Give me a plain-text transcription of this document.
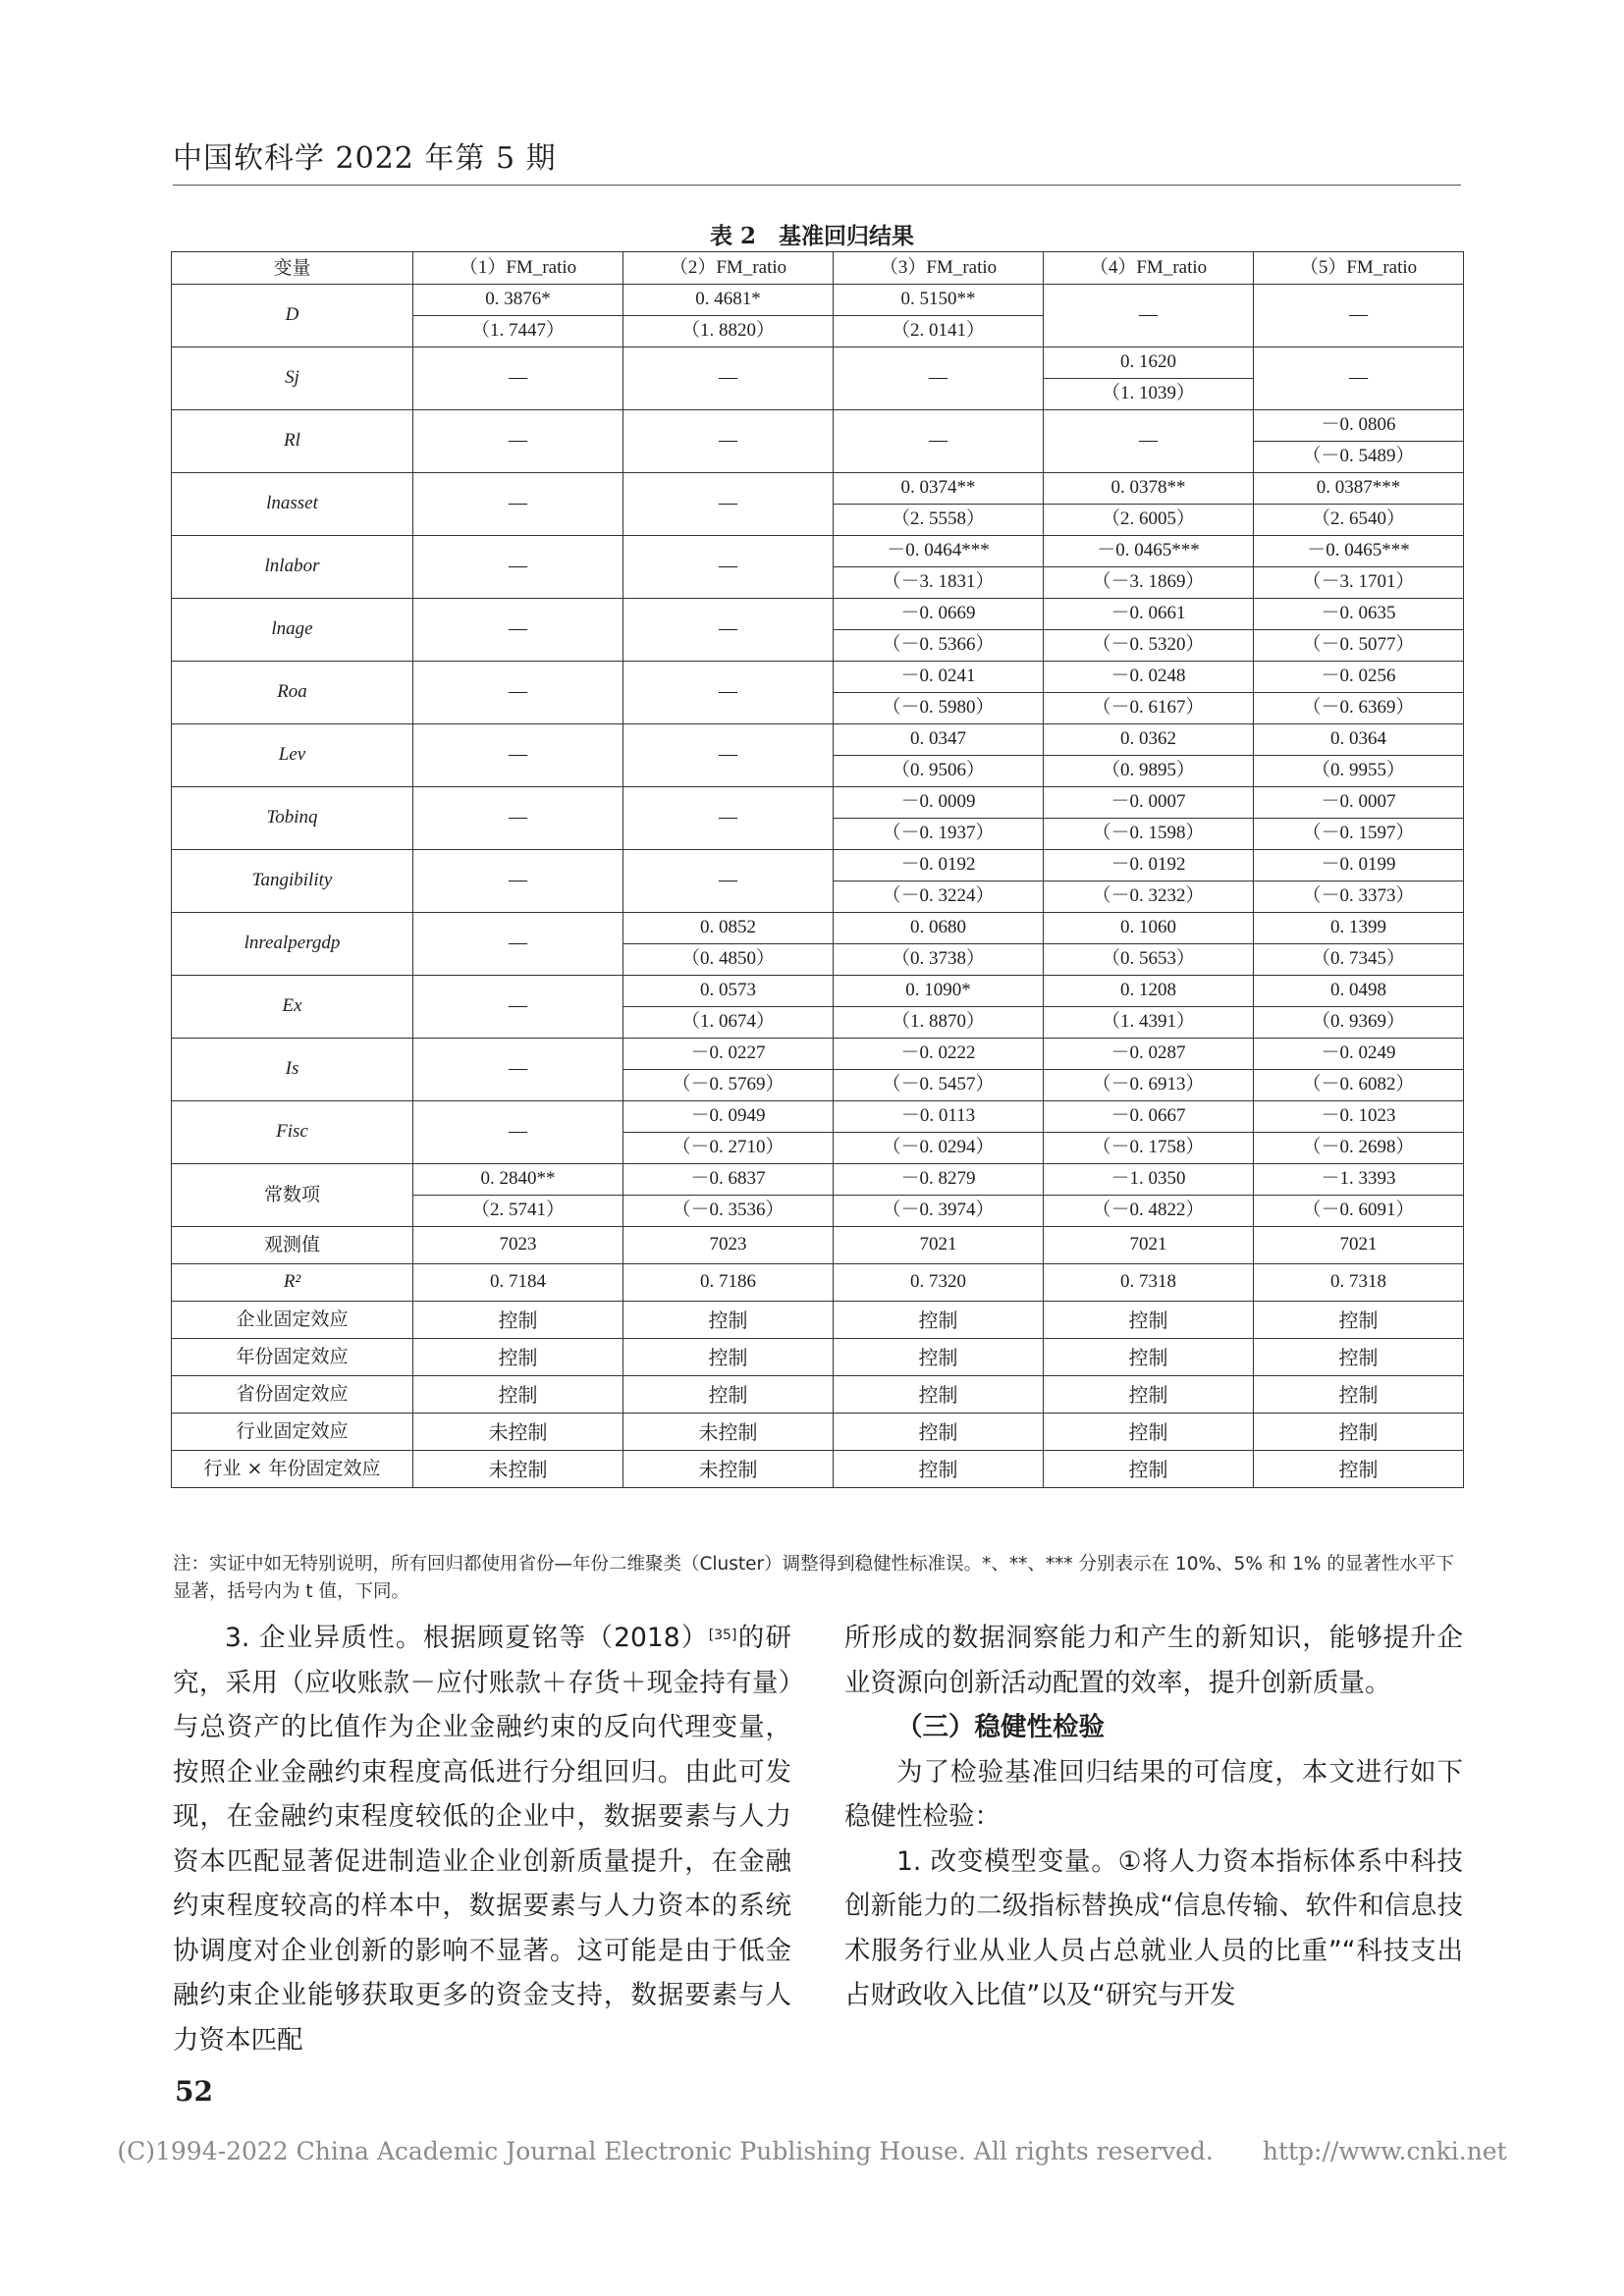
中国软科学 2022 年第 5 期
表 2　基准回归结果
变量	（1）FM_ratio	（2）FM_ratio	（3）FM_ratio	（4）FM_ratio	（5）FM_ratio
D	0. 3876*	0. 4681*	0. 5150**	—	—
	（1. 7447）	（1. 8820）	（2. 0141）		
Sj	—	—	—	0. 1620	—
				（1. 1039）	
Rl	—	—	—	—	－0. 0806
					（－0. 5489）
lnasset	—	—	0. 0374**	0. 0378**	0. 0387***
			（2. 5558）	（2. 6005）	（2. 6540）
lnlabor	—	—	－0. 0464***	－0. 0465***	－0. 0465***
			（－3. 1831）	（－3. 1869）	（－3. 1701）
lnage	—	—	－0. 0669	－0. 0661	－0. 0635
			（－0. 5366）	（－0. 5320）	（－0. 5077）
Roa	—	—	－0. 0241	－0. 0248	－0. 0256
			（－0. 5980）	（－0. 6167）	（－0. 6369）
Lev	—	—	0. 0347	0. 0362	0. 0364
			（0. 9506）	（0. 9895）	（0. 9955）
Tobinq	—	—	－0. 0009	－0. 0007	－0. 0007
			（－0. 1937）	（－0. 1598）	（－0. 1597）
Tangibility	—	—	－0. 0192	－0. 0192	－0. 0199
			（－0. 3224）	（－0. 3232）	（－0. 3373）
lnrealpergdp	—	0. 0852	0. 0680	0. 1060	0. 1399
		（0. 4850）	（0. 3738）	（0. 5653）	（0. 7345）
Ex	—	0. 0573	0. 1090*	0. 1208	0. 0498
		（1. 0674）	（1. 8870）	（1. 4391）	（0. 9369）
Is	—	－0. 0227	－0. 0222	－0. 0287	－0. 0249
		（－0. 5769）	（－0. 5457）	（－0. 6913）	（－0. 6082）
Fisc	—	－0. 0949	－0. 0113	－0. 0667	－0. 1023
		（－0. 2710）	（－0. 0294）	（－0. 1758）	（－0. 2698）
常数项	0. 2840**	－0. 6837	－0. 8279	－1. 0350	－1. 3393
	（2. 5741）	（－0. 3536）	（－0. 3974）	（－0. 4822）	（－0. 6091）
观测值	7023	7023	7021	7021	7021
R²	0. 7184	0. 7186	0. 7320	0. 7318	0. 7318
企业固定效应	控制	控制	控制	控制	控制
年份固定效应	控制	控制	控制	控制	控制
省份固定效应	控制	控制	控制	控制	控制
行业固定效应	未控制	未控制	控制	控制	控制
行业 × 年份固定效应	未控制	未控制	控制	控制	控制
注：实证中如无特别说明，所有回归都使用省份—年份二维聚类（Cluster）调整得到稳健性标准误。*、**、*** 分别表示在 10%、5% 和 1% 的显著性水平下显著，括号内为 t 值，下同。

3. 企业异质性。根据顾夏铭等（2018）[35]的研究，采用（应收账款－应付账款＋存货＋现金持有量）与总资产的比值作为企业金融约束的反向代理变量，按照企业金融约束程度高低进行分组回归。由此可发现，在金融约束程度较低的企业中，数据要素与人力资本匹配显著促进制造业企业创新质量提升，在金融约束程度较高的样本中，数据要素与人力资本的系统协调度对企业创新的影响不显著。这可能是由于低金融约束企业能够获取更多的资金支持，数据要素与人力资本匹配

所形成的数据洞察能力和产生的新知识，能够提升企业资源向创新活动配置的效率，提升创新质量。

（三）稳健性检验

为了检验基准回归结果的可信度，本文进行如下稳健性检验：

1. 改变模型变量。①将人力资本指标体系中科技创新能力的二级指标替换成“信息传输、软件和信息技术服务行业从业人员占总就业人员的比重”“科技支出占财政收入比值”以及“研究与开发

52
(C)1994-2022 China Academic Journal Electronic Publishing House. All rights reserved.　　http://www.cnki.net
